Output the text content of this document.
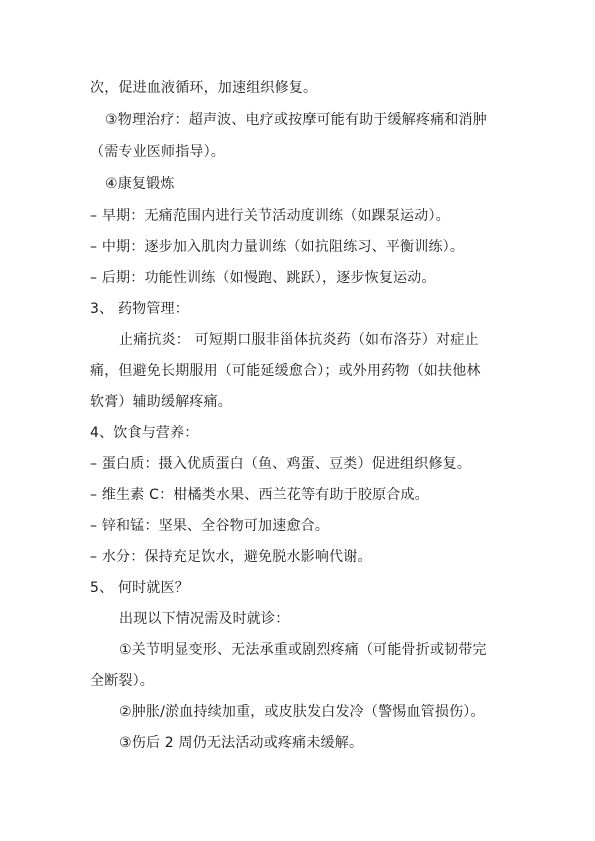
次，促进血液循环，加速组织修复。
③物理治疗：超声波、电疗或按摩可能有助于缓解疼痛和消肿
（需专业医师指导）。
④康复锻炼
– 早期：无痛范围内进行关节活动度训练（如踝泵运动）。
– 中期：逐步加入肌肉力量训练（如抗阻练习、平衡训练）。
– 后期：功能性训练（如慢跑、跳跃），逐步恢复运动。
3、 药物管理：
止痛抗炎： 可短期口服非甾体抗炎药（如布洛芬）对症止
痛，但避免长期服用（可能延缓愈合）；或外用药物（如扶他林
软膏）辅助缓解疼痛。
4、饮食与营养：
– 蛋白质：摄入优质蛋白（鱼、鸡蛋、豆类）促进组织修复。
– 维生素 C：柑橘类水果、西兰花等有助于胶原合成。
– 锌和锰：坚果、全谷物可加速愈合。
– 水分：保持充足饮水，避免脱水影响代谢。
5、 何时就医？
出现以下情况需及时就诊：
①关节明显变形、无法承重或剧烈疼痛（可能骨折或韧带完
全断裂）。
②肿胀/淤血持续加重，或皮肤发白发冷（警惕血管损伤）。
③伤后 2 周仍无法活动或疼痛未缓解。
